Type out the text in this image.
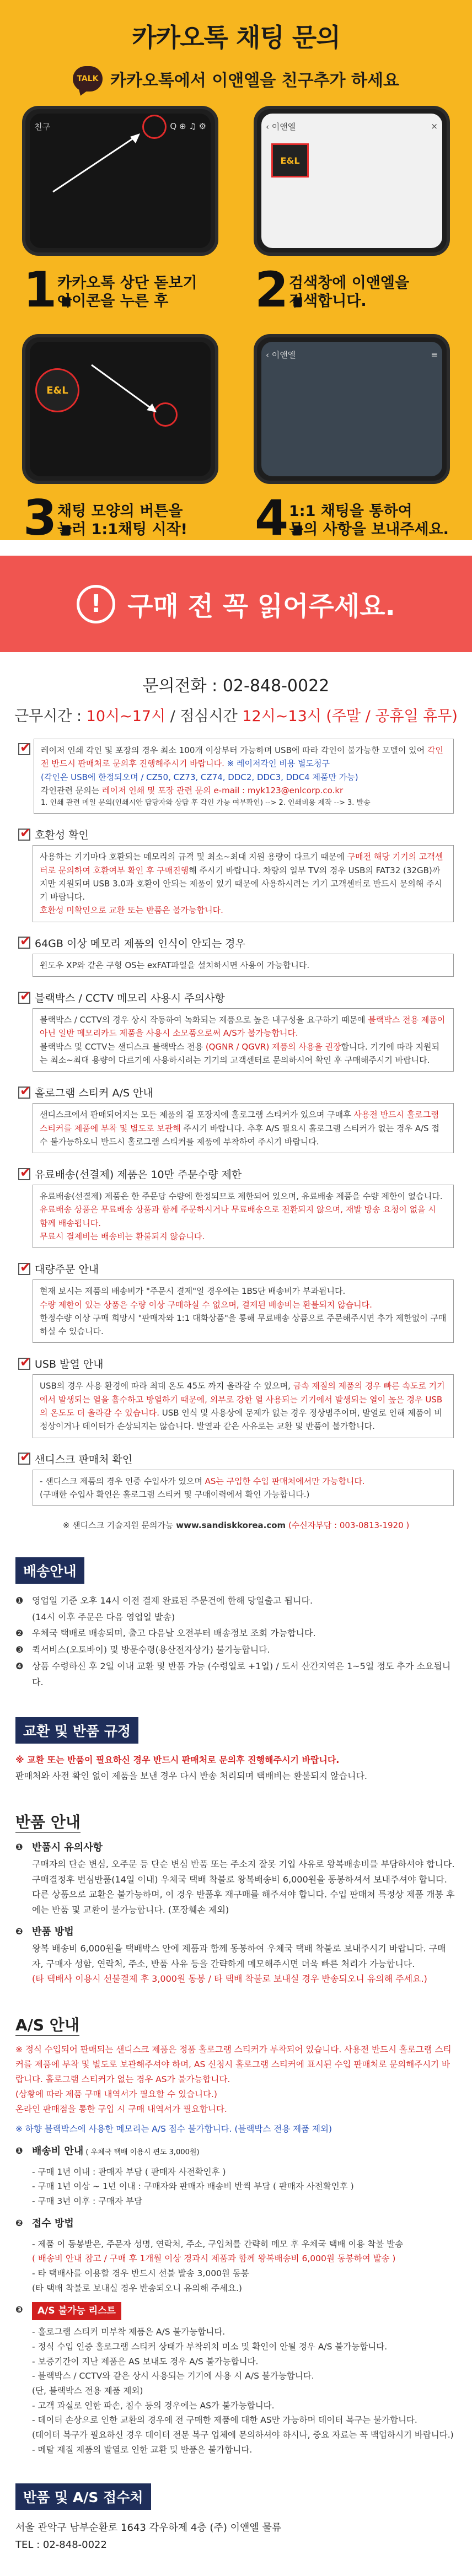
카카오톡 채팅 문의
TALK 카카오톡에서 이앤엘을 친구추가 하세요

친구	Q ⊕ ♫ ⚙
1.
카카오톡 상단 돋보기
아이콘을 누른 후
‹ 이앤엘	×
E&L
2.
검색창에 이앤엘을
검색합니다.
E&L
3.
채팅 모양의 버튼을
눌러 1:1채팅 시작!
‹ 이앤엘	≡
4.
1:1 채팅을 통하여
문의 사항을 보내주세요.
! 구매 전 꼭 읽어주세요.
문의전화 : 02-848-0022
근무시간 : 10시~17시 / 점심시간 12시~13시 (주말 / 공휴일 휴무)
✔
레이저 인쇄 각인 및 포장의 경우 최소 100개 이상부터 가능하며 USB에 따라 각인이 불가능한 모델이 있어 각인 전 반드시 판매처로 문의후 진행해주시기 바랍니다. ※ 레이저각인 비용 별도청구
(각인은 USB에 한정되오며 / CZ50, CZ73, CZ74, DDC2, DDC3, DDC4 제품만 가능)
각인관련 문의는 레이저 인쇄 및 포장 관련 문의 e-mail : myk123@enlcorp.co.kr
1. 인쇄 관련 메일 문의(인쇄시안 담당자와 상담 후 각인 가능 여부확인) --> 2. 인쇄비용 제작 --> 3. 발송
✔
호환성 확인
사용하는 기기마다 호환되는 메모리의 규격 및 최소~최대 지원 용량이 다르기 때문에 구매전 해당 기기의 고객센터로 문의하여 호환여부 확인 후 구매진행해 주시기 바랍니다. 차량의 일부 TV의 경우 USB의 FAT32 (32GB)까지만 지원되며 USB 3.0과 호환이 안되는 제품이 있기 때문에 사용하시려는 기기 고객센터로 반드시 문의해 주시기 바랍니다.
호환성 미확인으로 교환 또는 반품은 불가능합니다.
✔
64GB 이상 메모리 제품의 인식이 안되는 경우
윈도우 XP와 같은 구형 OS는 exFAT파일을 설치하시면 사용이 가능합니다.
✔
블랙박스 / CCTV 메모리 사용시 주의사항
블랙박스 / CCTV의 경우 상시 작동하여 녹화되는 제품으로 높은 내구성을 요구하기 때문에 블랙박스 전용 제품이 아닌 일반 메모리카드 제품을 사용시 소모품으로써 A/S가 불가능합니다.
블랙박스 및 CCTV는 샌디스크 블랙박스 전용 (QGNR / QGVR) 제품의 사용을 권장합니다. 기기에 따라 지원되는 최소~최대 용량이 다르기에 사용하시려는 기기의 고객센터로 문의하시어 확인 후 구매해주시기 바랍니다.
✔
홀로그램 스티커 A/S 안내
샌디스크에서 판매되어지는 모든 제품의 겉 포장지에 홀로그램 스티커가 있으며 구매후 사용전 반드시 홀로그램 스티커를 제품에 부착 및 별도로 보관해 주시기 바랍니다. 추후 A/S 필요시 홀로그램 스티커가 없는 경우 A/S 접수 불가능하오니 반드시 홀로그램 스티커를 제품에 부착하여 주시기 바랍니다.
✔
유료배송(선결제) 제품은 10만 주문수량 제한
유료배송(선결제) 제품은 한 주문당 수량에 한정되므로 제한되어 있으며, 유료배송 제품을 수량 제한이 없습니다. 유료배송 상품은 무료배송 상품과 함께 주문하시거나 무료배송으로 전환되지 않으며, 재발 방송 요청이 없을 시 함께 배송됩니다.
무료시 결제비는 배송비는 환불되지 않습니다.
✔
대량주문 안내
현재 보시는 제품의 배송비가 "주문시 결제"일 경우에는 1BS단 배송비가 부과됩니다.
수량 제한이 있는 상품은 수량 이상 구매하실 수 없으며, 결제된 배송비는 환불되지 않습니다.
한정수량 이상 구매 희망시 "판매자와 1:1 대화상품"을 통해 무료배송 상품으로 주문해주시면 추가 제한없이 구매하실 수 있습니다.
✔
USB 발열 안내
USB의 경우 사용 환경에 따라 최대 온도 45도 까지 올라갈 수 있으며, 금속 재질의 제품의 경우 빠른 속도로 기기에서 발생되는 열을 흡수하고 방열하기 때문에, 외부로 강한 열 사용되는 기기에서 발생되는 열이 높은 경우 USB의 온도도 더 올라갈 수 있습니다. USB 인식 및 사용상에 문제가 없는 경우 정상범주이며, 발열로 인해 제품이 비정상이거나 데이터가 손상되지는 않습니다. 발열과 같은 사유로는 교환 및 반품이 불가합니다.
✔
샌디스크 판매처 확인
- 샌디스크 제품의 경우 인증 수입사가 있으며 AS는 구입한 수입 판매처에서만 가능합니다.
(구매한 수입사 확인은 홀로그램 스티커 및 구매이력에서 확인 가능합니다.)
※ 샌디스크 기술지원 문의가능 www.sandiskkorea.com (수신자부담 : 003-0813-1920 )
배송안내
❶ 영업일 기준 오후 14시 이전 결제 완료된 주문건에 한해 당일출고 됩니다.
(14시 이후 주문은 다음 영업일 발송)
❷ 우체국 택배로 배송되며, 출고 다음날 오전부터 배송정보 조회 가능합니다.
❸ 퀵서비스(오토바이) 및 방문수령(용산전자상가) 불가능합니다.
❹ 상품 수령하신 후 2일 이내 교환 및 반품 가능 (수령일로 +1일) / 도서 산간지역은 1~5일 정도 추가 소요됩니다.
교환 및 반품 규정
※ 교환 또는 반품이 필요하신 경우 반드시 판매처로 문의후 진행해주시기 바랍니다.
판매처와 사전 확인 없이 제품을 보낸 경우 다시 반송 처리되며 택배비는 환불되지 않습니다.
반품 안내
❶ 반품시 유의사항
구매자의 단순 변심, 오주문 등 단순 변심 반품 또는 주소지 잘못 기입 사유로 왕복배송비를 부담하셔야 합니다. 구매결정후 변심반품(14일 이내) 우체국 택배 착불로 왕복배송비 6,000원을 동봉하셔서 보내주셔야 합니다. 다른 상품으로 교환은 불가능하며, 이 경우 반품후 재구매를 해주셔야 합니다. 수입 판매처 특정상 제품 개봉 후 에는 반품 및 교환이 불가능합니다. (포장훼손 제외)
❷ 반품 방법
왕복 배송비 6,000원을 택배박스 안에 제품과 함께 동봉하여 우체국 택배 착불로 보내주시기 바랍니다. 구매자, 구매자 성함, 연락처, 주소, 반품 사유 등을 간략하게 메모해주시면 더욱 빠른 처리가 가능합니다.
(타 택배사 이용시 선불결제 후 3,000원 동봉 / 타 택배 착불로 보내실 경우 반송되오니 유의해 주세요.)
A/S 안내
※ 정식 수입되어 판매되는 샌디스크 제품은 정품 홀로그램 스티커가 부착되어 있습니다. 사용전 반드시 홀로그램 스티커를 제품에 부착 및 별도로 보관해주셔야 하며, AS 신청시 홀로그램 스티커에 표시된 수입 판매처로 문의해주시기 바랍니다. 홀로그램 스티커가 없는 경우 AS가 불가능합니다.
(상황에 따라 제품 구매 내역서가 필요할 수 있습니다.)
온라인 판매점을 통한 구입 시 구매 내역서가 필요합니다.
※ 하향 블랙박스에 사용한 메모리는 A/S 접수 불가합니다. (블랙박스 전용 제품 제외)
❶ 배송비 안내 ( 우체국 택배 이용시 편도 3,000원)
- 구매 1년 이내 : 판매자 부담 ( 판매자 사전확인후 )
- 구매 1년 이상 ~ 1년 이내 : 구매자와 판매자 배송비 반씩 부담 ( 판매자 사전확인후 )
- 구매 3년 이후 : 구매자 부담
❷ 접수 방법
- 제품 이 동봉받은, 주문자 성명, 연락처, 주소, 구입처를 간략히 메모 후 우체국 택배 이용 착불 발송
( 배송비 안내 참고 / 구매 후 1개월 이상 경과시 제품과 함께 왕복배송비 6,000원 동봉하여 발송 )
- 타 택배사를 이용할 경우 반드시 선불 발송 3,000원 동봉
(타 택배 착불로 보내실 경우 반송되오니 유의해 주세요.)
❸	A/S 불가능 리스트
- 홀로그램 스티커 미부착 제품은 A/S 불가능합니다.
- 정식 수입 인증 홀로그램 스티커 상태가 부착위치 미소 및 확인이 안될 경우 A/S 불가능합니다.
- 보증기간이 지난 제품은 AS 보내도 경우 A/S 불가능합니다.
- 블랙박스 / CCTV와 같은 상시 사용되는 기기에 사용 시 A/S 불가능합니다.
(단, 블랙박스 전용 제품 제외)
- 고객 과실로 인한 파손, 침수 등의 경우에는 AS가 불가능합니다.
- 데이터 손상으로 인한 교환의 경우에 전 구매한 제품에 대한 AS만 가능하며 데이터 복구는 불가합니다.
(데이터 복구가 필요하신 경우 데이터 전문 복구 업체에 문의하셔야 하시나, 중요 자료는 꼭 백업하시기 바랍니다.)
- 메탈 재질 제품의 발열로 인한 교환 및 반품은 불가합니다.
반품 및 A/S 접수처
서울 관악구 남부순환로 1643 각우하제 4층 (주) 이앤엘 물류
TEL : 02-848-0022
